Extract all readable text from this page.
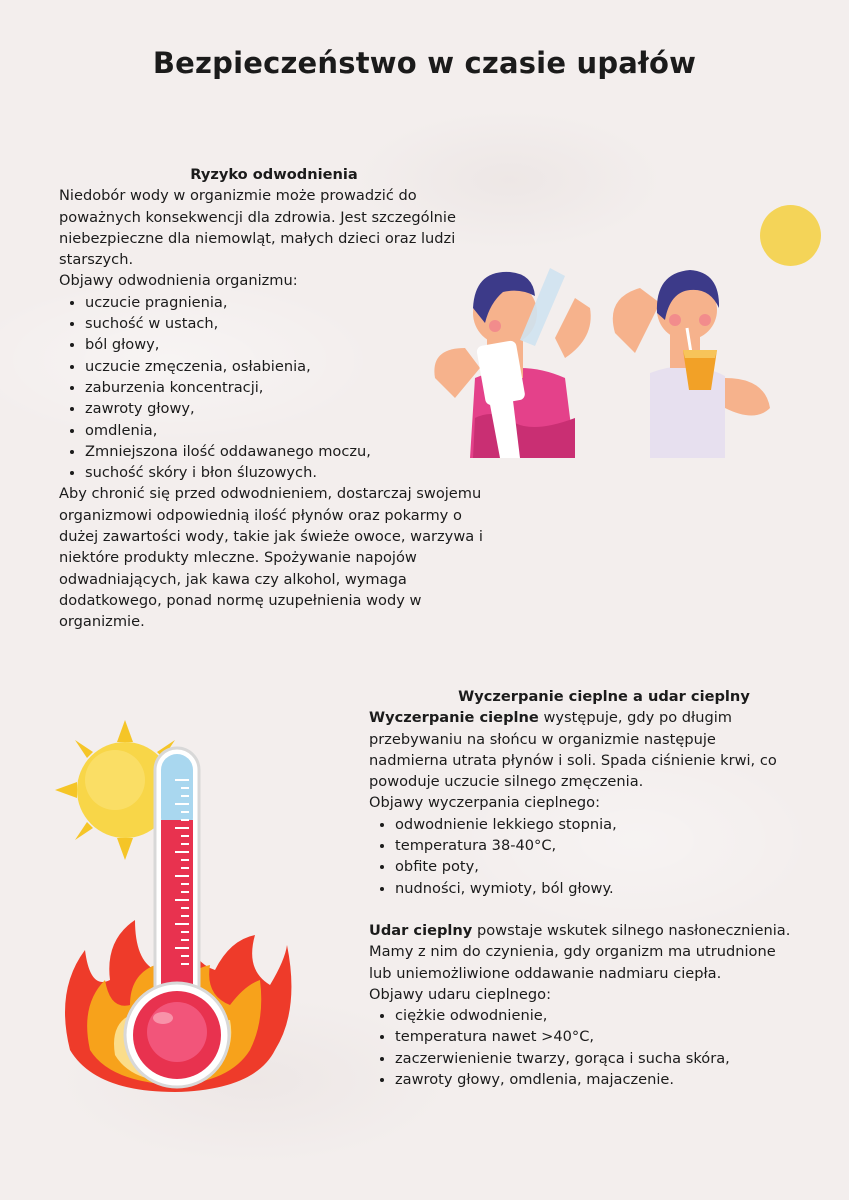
Bezpieczeństwo w czasie upałów

Ryzyko odwodnienia

Niedobór wody w organizmie może prowadzić do poważnych konsekwencji dla zdrowia. Jest szczególnie niebezpieczne dla niemowląt, małych dzieci oraz ludzi starszych.

Objawy odwodnienia organizmu:

• uczucie pragnienia,
• suchość w ustach,
• ból głowy,
• uczucie zmęczenia, osłabienia,
• zaburzenia koncentracji,
• zawroty głowy,
• omdlenia,
• Zmniejszona ilość oddawanego moczu,
• suchość skóry i błon śluzowych.

Aby chronić się przed odwodnieniem, dostarczaj swojemu organizmowi odpowiednią ilość płynów oraz pokarmy o dużej zawartości wody, takie jak świeże owoce, warzywa i niektóre produkty mleczne. Spożywanie napojów odwadniających, jak kawa czy alkohol, wymaga dodatkowego, ponad normę uzupełnienia wody w organizmie.

Wyczerpanie cieplne a udar cieplny

Wyczerpanie cieplne występuje, gdy po długim przebywaniu na słońcu w organizmie następuje nadmierna utrata płynów i soli. Spada ciśnienie krwi, co powoduje uczucie silnego zmęczenia.

Objawy wyczerpania cieplnego:

• odwodnienie lekkiego stopnia,
• temperatura 38-40°C,
• obfite poty,
• nudności, wymioty, ból głowy.

Udar cieplny powstaje wskutek silnego nasłonecznienia. Mamy z nim do czynienia, gdy organizm ma utrudnione lub uniemożliwione oddawanie nadmiaru ciepła.

Objawy udaru cieplnego:

• ciężkie odwodnienie,
• temperatura nawet >40°C,
• zaczerwienienie twarzy, gorąca i sucha skóra,
• zawroty głowy, omdlenia, majaczenie.
